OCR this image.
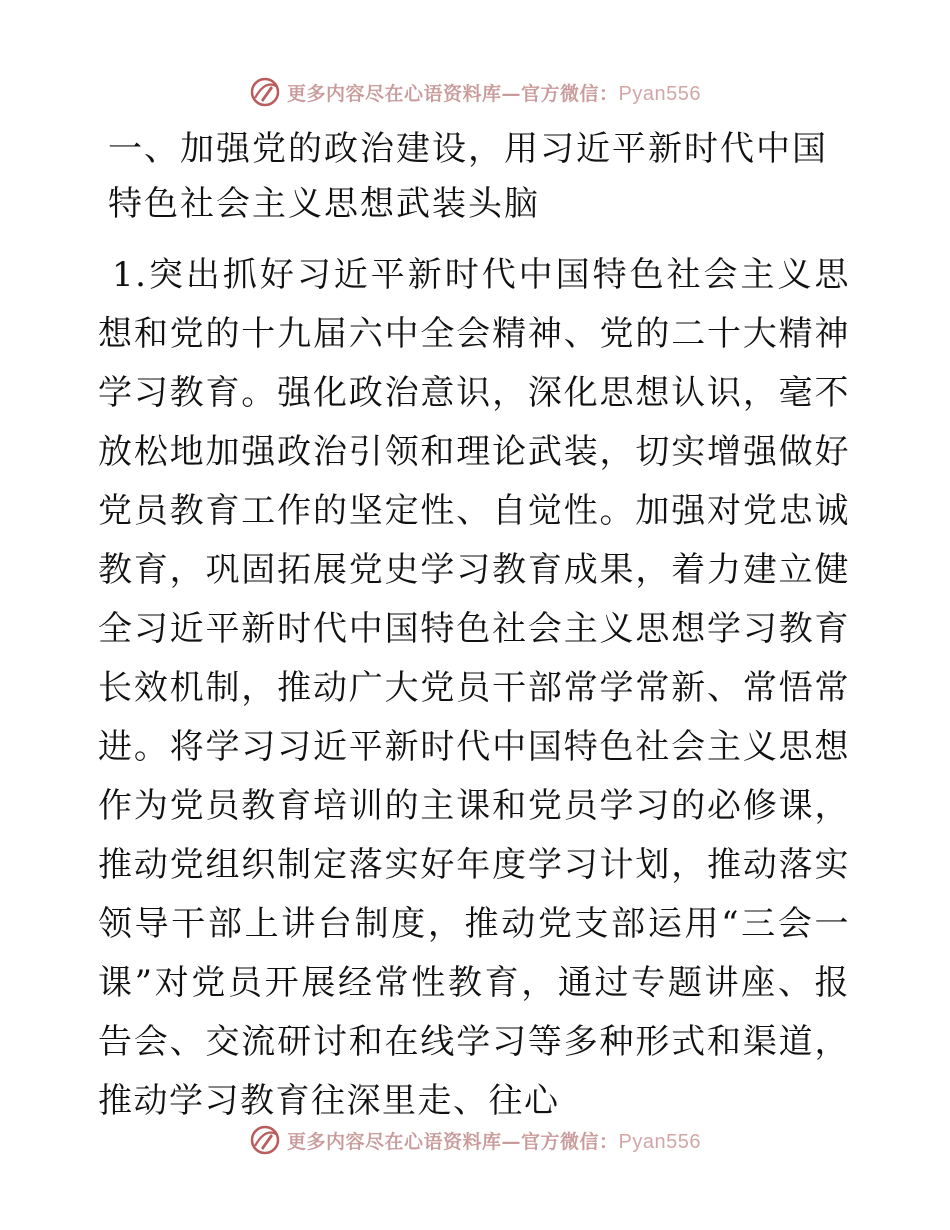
更多内容尽在心语资料库—官方微信：Pyan556
一、加强党的政治建设，用习近平新时代中国特色社会主义思想武装头脑

1.突出抓好习近平新时代中国特色社会主义思想和党的十九届六中全会精神、党的二十大精神学习教育。强化政治意识，深化思想认识，毫不放松地加强政治引领和理论武装，切实增强做好党员教育工作的坚定性、自觉性。加强对党忠诚教育，巩固拓展党史学习教育成果，着力建立健全习近平新时代中国特色社会主义思想学习教育长效机制，推动广大党员干部常学常新、常悟常进。将学习习近平新时代中国特色社会主义思想作为党员教育培训的主课和党员学习的必修课，推动党组织制定落实好年度学习计划，推动落实领导干部上讲台制度，推动党支部运用“三会一课”对党员开展经常性教育，通过专题讲座、报告会、交流研讨和在线学习等多种形式和渠道，推动学习教育往深里走、往心

更多内容尽在心语资料库—官方微信：Pyan556
